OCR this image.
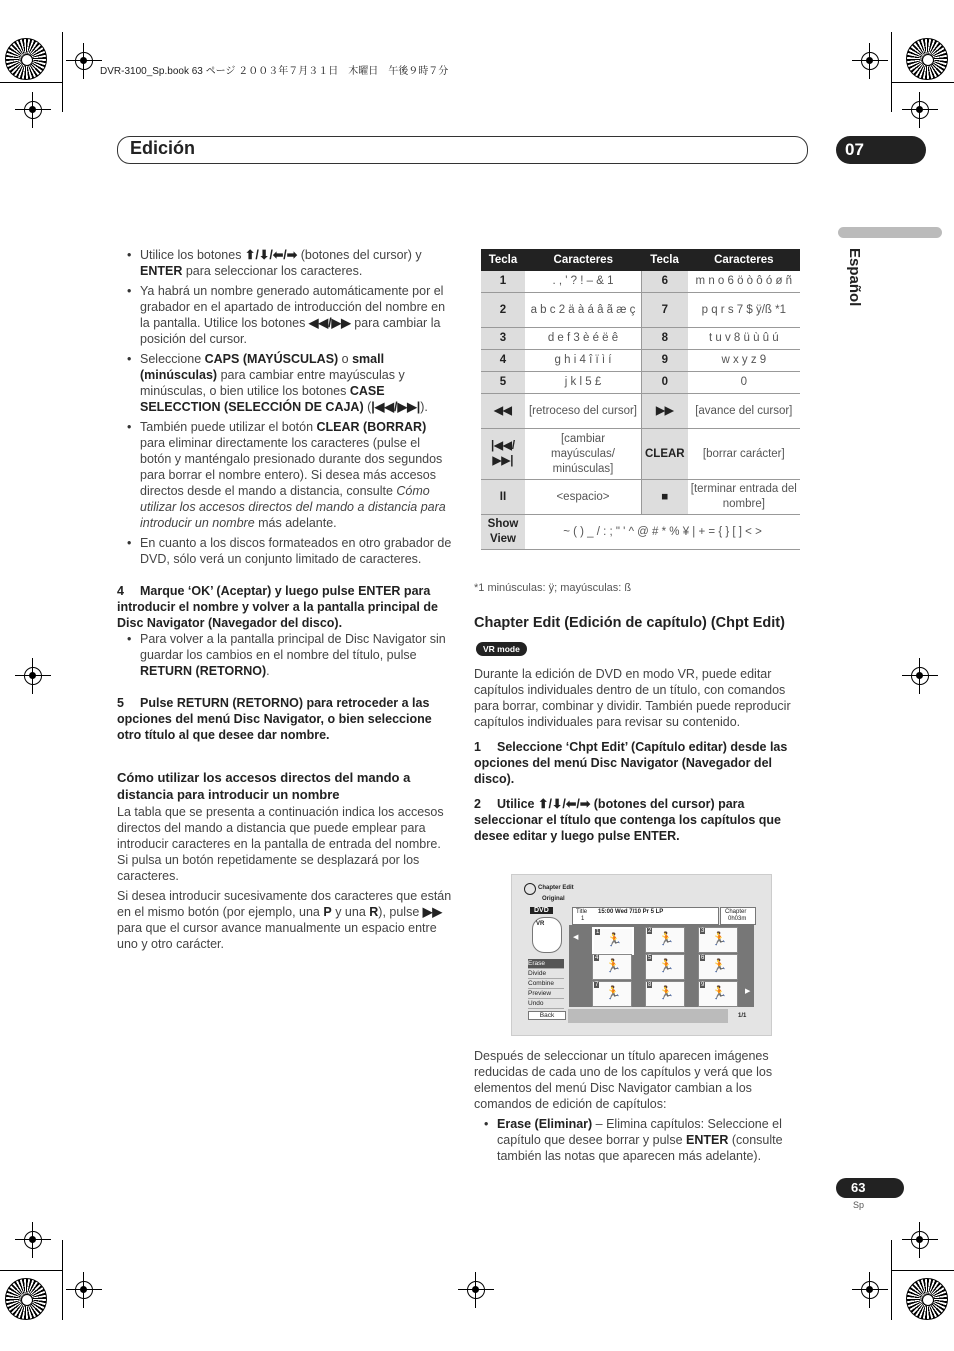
DVR-3100_Sp.book 63 ページ ２００３年７月３１日　木曜日　午後９時７分
Edición	07
Español
• Utilice los botones ⬆/⬇/⬅/➡ (botones del cursor) y ENTER para seleccionar los caracteres.
• Ya habrá un nombre generado automáticamente por el grabador en el apartado de introducción del nombre en la pantalla. Utilice los botones ◀◀/▶▶ para cambiar la posición del cursor.
• Seleccione CAPS (MAYÚSCULAS) o small (minúsculas) para cambiar entre mayúsculas y minúsculas, o bien utilice los botones CASE SELECCTION (SELECCIÓN DE CAJA) (|◀◀/▶▶|).
• También puede utilizar el botón CLEAR (BORRAR) para eliminar directamente los caracteres (pulse el botón y manténgalo presionado durante dos segundos para borrar el nombre entero). Si desea más accesos directos desde el mando a distancia, consulte Cómo utilizar los accesos directos del mando a distancia para introducir un nombre más adelante.
• En cuanto a los discos formateados en otro grabador de DVD, sólo verá un conjunto limitado de caracteres.
4 Marque ‘OK’ (Aceptar) y luego pulse ENTER para introducir el nombre y volver a la pantalla principal de Disc Navigator (Navegador del disco).
• Para volver a la pantalla principal de Disc Navigator sin guardar los cambios en el nombre del título, pulse RETURN (RETORNO).
5 Pulse RETURN (RETORNO) para retroceder a las opciones del menú Disc Navigator, o bien seleccione otro título al que desee dar nombre.
Cómo utilizar los accesos directos del mando a distancia para introducir un nombre
La tabla que se presenta a continuación indica los accesos directos del mando a distancia que puede emplear para introducir caracteres en la pantalla de entrada del nombre. Si pulsa un botón repetidamente se desplazará por los caracteres.
Si desea introducir sucesivamente dos caracteres que están en el mismo botón (por ejemplo, una P y una R), pulse ▶▶ para que el cursor avance manualmente un espacio entre uno y otro carácter.
Tecla	Caracteres	Tecla	Caracteres
1	. , ' ? ! – & 1	6	m n o 6 ö ò ô ó ø ñ
2	a b c 2 ä à á â ã æ ç	7	p q r s 7 $ ÿ/ß *1
3	d e f 3 è é ë ê	8	t u v 8 ü ù û ú
4	g h i 4 î ï ì í	9	w x y z 9
5	j k l 5 £	0	0
◀◀	[retroceso del cursor]	▶▶	[avance del cursor]
|◀◀/ ▶▶|	[cambiar mayúsculas/ minúsculas]	CLEAR	[borrar carácter]
II	<espacio>	■	[terminar entrada del nombre]
Show View	~ ( ) _ / : ; " ' ^ @ # * % ¥ | + = { } [ ] < >		
*1 minúsculas: ÿ; mayúsculas: ß
Chapter Edit (Edición de capítulo) (Chpt Edit)
VR mode
Durante la edición de DVD en modo VR, puede editar capítulos individuales dentro de un título, con comandos para borrar, combinar y dividir. También puede reproducir capítulos individuales para revisar su contenido.
1 Seleccione ‘Chpt Edit’ (Capítulo editar) desde las opciones del menú Disc Navigator (Navegador del disco).
2 Utilice ⬆/⬇/⬅/➡ (botones del cursor) para seleccionar el título que contenga los capítulos que desee editar y luego pulse ENTER.
Chapter Edit
Original
DVD
VR
Title
1
15:00 Wed 7/10 Pr 5 LP	Chapter
0h03m
◀
▶
1 🏃
2 🏃	3 🏃
4 🏃	5 🏃	6 🏃
7 🏃	8 🏃	9 🏃
Erase
Divide
Combine
Preview
Undo
Back	1/1
Después de seleccionar un título aparecen imágenes reducidas de cada uno de los capítulos y verá que los elementos del menú Disc Navigator cambian a los comandos de edición de capítulos:
• Erase (Eliminar) – Elimina capítulos: Seleccione el capítulo que desee borrar y pulse ENTER (consulte también las notas que aparecen más adelante).
63
Sp
